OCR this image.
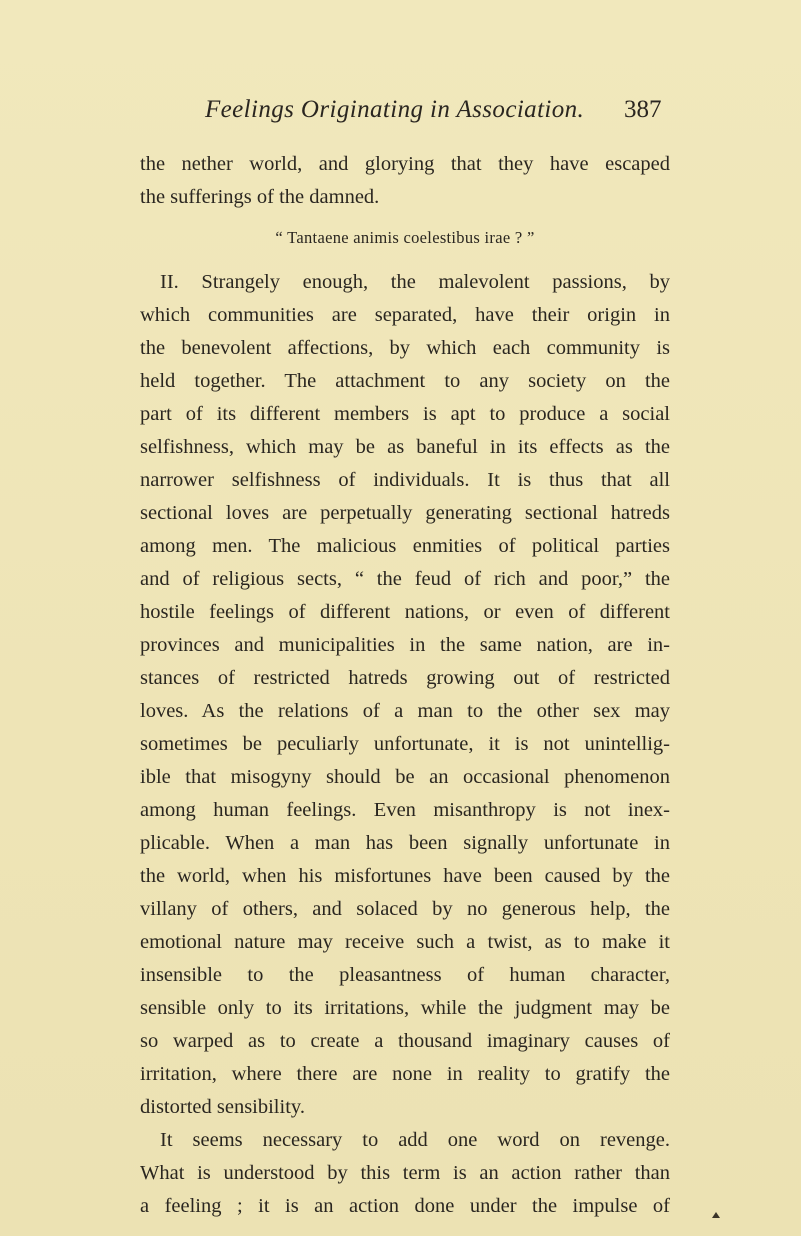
Feelings Originating in Association. 387
the nether world, and glorying that they have escaped
the sufferings of the damned.
“ Tantaene animis coelestibus irae ? ”
II. Strangely enough, the malevolent passions, by
which communities are separated, have their origin in
the benevolent affections, by which each community is
held together. The attachment to any society on the
part of its different members is apt to produce a social
selfishness, which may be as baneful in its effects as the
narrower selfishness of individuals. It is thus that all
sectional loves are perpetually generating sectional hatreds
among men. The malicious enmities of political parties
and of religious sects, “ the feud of rich and poor,” the
hostile feelings of different nations, or even of different
provinces and municipalities in the same nation, are in-
stances of restricted hatreds growing out of restricted
loves. As the relations of a man to the other sex may
sometimes be peculiarly unfortunate, it is not unintellig-
ible that misogyny should be an occasional phenomenon
among human feelings. Even misanthropy is not inex-
plicable. When a man has been signally unfortunate in
the world, when his misfortunes have been caused by the
villany of others, and solaced by no generous help, the
emotional nature may receive such a twist, as to make it
insensible to the pleasantness of human character,
sensible only to its irritations, while the judgment may be
so warped as to create a thousand imaginary causes of
irritation, where there are none in reality to gratify the
distorted sensibility.
It seems necessary to add one word on revenge.
What is understood by this term is an action rather than
a feeling ; it is an action done under the impulse of
